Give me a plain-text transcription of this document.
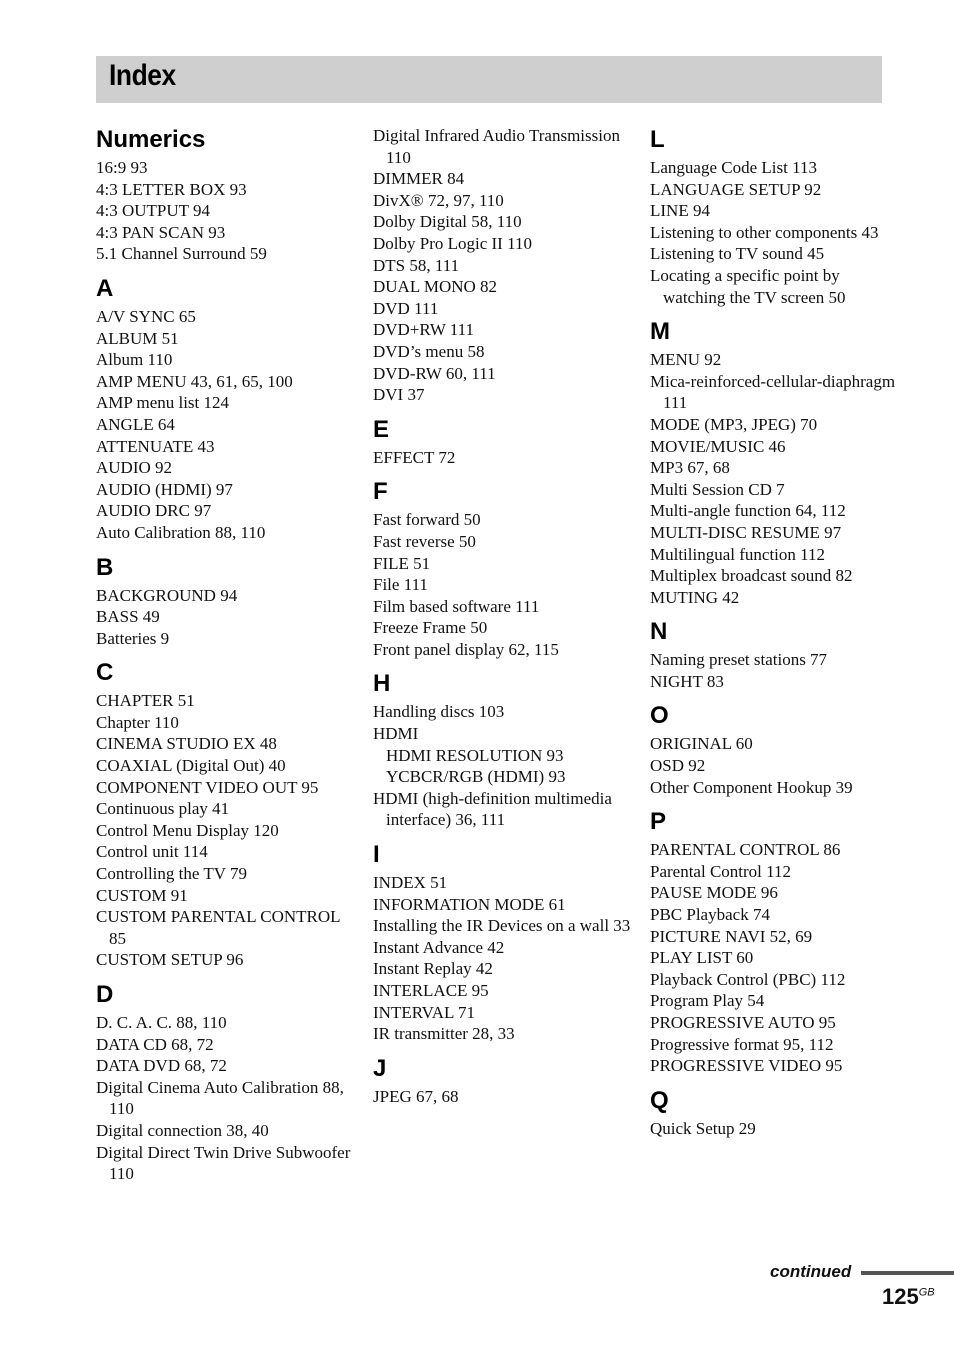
Index
Numerics
16:9 93
4:3 LETTER BOX 93
4:3 OUTPUT 94
4:3 PAN SCAN 93
5.1 Channel Surround 59
A
A/V SYNC 65
ALBUM 51
Album 110
AMP MENU 43, 61, 65, 100
AMP menu list 124
ANGLE 64
ATTENUATE 43
AUDIO 92
AUDIO (HDMI) 97
AUDIO DRC 97
Auto Calibration 88, 110
B
BACKGROUND 94
BASS 49
Batteries 9
C
CHAPTER 51
Chapter 110
CINEMA STUDIO EX 48
COAXIAL (Digital Out) 40
COMPONENT VIDEO OUT 95
Continuous play 41
Control Menu Display 120
Control unit 114
Controlling the TV 79
CUSTOM 91
CUSTOM PARENTAL CONTROL 85
CUSTOM SETUP 96
D
D. C. A. C. 88, 110
DATA CD 68, 72
DATA DVD 68, 72
Digital Cinema Auto Calibration 88, 110
Digital connection 38, 40
Digital Direct Twin Drive Subwoofer 110
Digital Infrared Audio Transmission 110
DIMMER 84
DivX® 72, 97, 110
Dolby Digital 58, 110
Dolby Pro Logic II 110
DTS 58, 111
DUAL MONO 82
DVD 111
DVD+RW 111
DVD’s menu 58
DVD-RW 60, 111
DVI 37
E
EFFECT 72
F
Fast forward 50
Fast reverse 50
FILE 51
File 111
Film based software 111
Freeze Frame 50
Front panel display 62, 115
H
Handling discs 103
HDMI
HDMI RESOLUTION 93
YCBCR/RGB (HDMI) 93
HDMI (high-definition multimedia interface) 36, 111
I
INDEX 51
INFORMATION MODE 61
Installing the IR Devices on a wall 33
Instant Advance 42
Instant Replay 42
INTERLACE 95
INTERVAL 71
IR transmitter 28, 33
J
JPEG 67, 68
L
Language Code List 113
LANGUAGE SETUP 92
LINE 94
Listening to other components 43
Listening to TV sound 45
Locating a specific point by watching the TV screen 50
M
MENU 92
Mica-reinforced-cellular-diaphragm 111
MODE (MP3, JPEG) 70
MOVIE/MUSIC 46
MP3 67, 68
Multi Session CD 7
Multi-angle function 64, 112
MULTI-DISC RESUME 97
Multilingual function 112
Multiplex broadcast sound 82
MUTING 42
N
Naming preset stations 77
NIGHT 83
O
ORIGINAL 60
OSD 92
Other Component Hookup 39
P
PARENTAL CONTROL 86
Parental Control 112
PAUSE MODE 96
PBC Playback 74
PICTURE NAVI 52, 69
PLAY LIST 60
Playback Control (PBC) 112
Program Play 54
PROGRESSIVE AUTO 95
Progressive format 95, 112
PROGRESSIVE VIDEO 95
Q
Quick Setup 29
continued
$125^{GB}$
